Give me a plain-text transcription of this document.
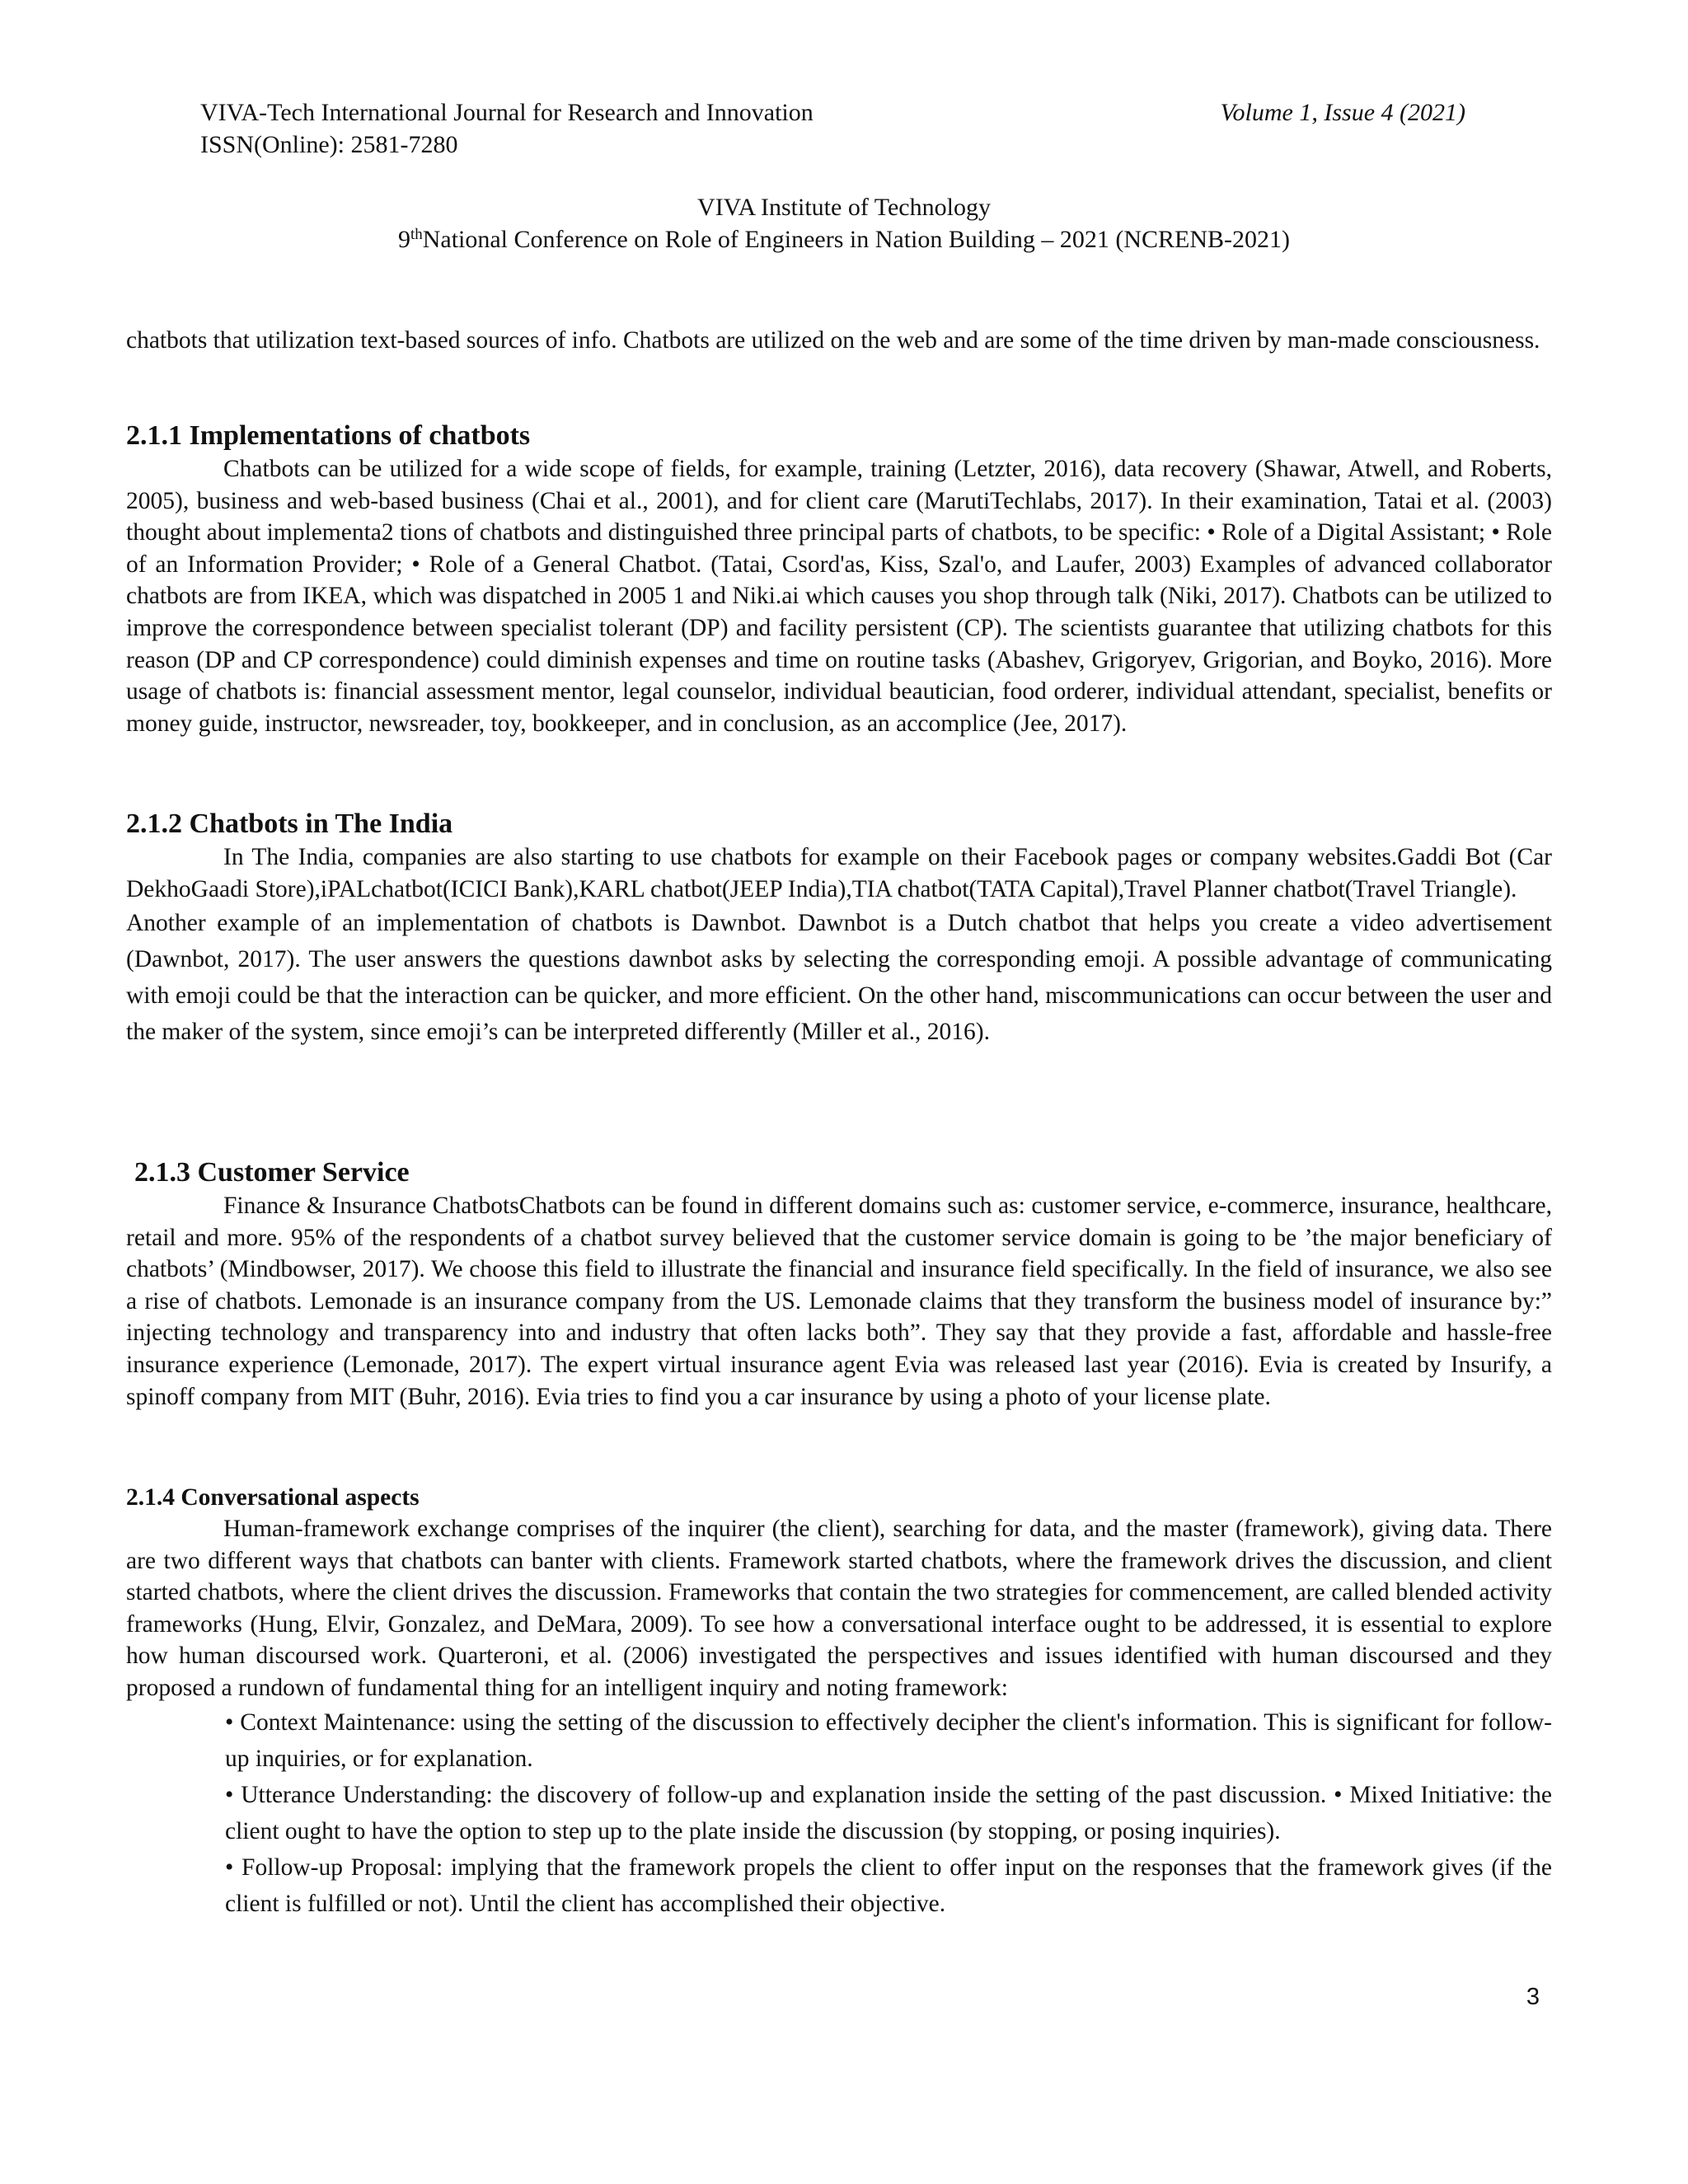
VIVA-Tech International Journal for Research and Innovation	Volume 1, Issue 4 (2021)
ISSN(Online): 2581-7280
VIVA Institute of Technology
9thNational Conference on Role of Engineers in Nation Building – 2021 (NCRENB-2021)

chatbots that utilization text-based sources of info. Chatbots are utilized on the web and are some of the time driven by man-made consciousness.

2.1.1 Implementations of chatbots

Chatbots can be utilized for a wide scope of fields, for example, training (Letzter, 2016), data recovery (Shawar, Atwell, and Roberts, 2005), business and web-based business (Chai et al., 2001), and for client care (MarutiTechlabs, 2017). In their examination, Tatai et al. (2003) thought about implementa2 tions of chatbots and distinguished three principal parts of chatbots, to be specific: • Role of a Digital Assistant; • Role of an Information Provider; • Role of a General Chatbot. (Tatai, Csord'as, Kiss, Szal'o, and Laufer, 2003) Examples of advanced collaborator chatbots are from IKEA, which was dispatched in 2005 1 and Niki.ai which causes you shop through talk (Niki, 2017). Chatbots can be utilized to improve the correspondence between specialist tolerant (DP) and facility persistent (CP). The scientists guarantee that utilizing chatbots for this reason (DP and CP correspondence) could diminish expenses and time on routine tasks (Abashev, Grigoryev, Grigorian, and Boyko, 2016). More usage of chatbots is: financial assessment mentor, legal counselor, individual beautician, food orderer, individual attendant, specialist, benefits or money guide, instructor, newsreader, toy, bookkeeper, and in conclusion, as an accomplice (Jee, 2017).

2.1.2 Chatbots in The India

In The India, companies are also starting to use chatbots for example on their Facebook pages or company websites.Gaddi Bot (Car DekhoGaadi Store),iPALchatbot(ICICI Bank),KARL chatbot(JEEP India),TIA chatbot(TATA Capital),Travel Planner chatbot(Travel Triangle).

Another example of an implementation of chatbots is Dawnbot. Dawnbot is a Dutch chatbot that helps you create a video advertisement (Dawnbot, 2017). The user answers the questions dawnbot asks by selecting the corresponding emoji. A possible advantage of communicating with emoji could be that the interaction can be quicker, and more efficient. On the other hand, miscommunications can occur between the user and the maker of the system, since emoji’s can be interpreted differently (Miller et al., 2016).

2.1.3 Customer Service

Finance & Insurance ChatbotsChatbots can be found in different domains such as: customer service, e-commerce, insurance, healthcare, retail and more. 95% of the respondents of a chatbot survey believed that the customer service domain is going to be ’the major beneficiary of chatbots’ (Mindbowser, 2017). We choose this field to illustrate the financial and insurance field specifically. In the field of insurance, we also see a rise of chatbots. Lemonade is an insurance company from the US. Lemonade claims that they transform the business model of insurance by:” injecting technology and transparency into and industry that often lacks both”. They say that they provide a fast, affordable and hassle-free insurance experience (Lemonade, 2017). The expert virtual insurance agent Evia was released last year (2016). Evia is created by Insurify, a spinoff company from MIT (Buhr, 2016). Evia tries to find you a car insurance by using a photo of your license plate.

2.1.4 Conversational aspects

Human-framework exchange comprises of the inquirer (the client), searching for data, and the master (framework), giving data. There are two different ways that chatbots can banter with clients. Framework started chatbots, where the framework drives the discussion, and client started chatbots, where the client drives the discussion. Frameworks that contain the two strategies for commencement, are called blended activity frameworks (Hung, Elvir, Gonzalez, and DeMara, 2009). To see how a conversational interface ought to be addressed, it is essential to explore how human discoursed work. Quarteroni, et al. (2006) investigated the perspectives and issues identified with human discoursed and they proposed a rundown of fundamental thing for an intelligent inquiry and noting framework:

• Context Maintenance: using the setting of the discussion to effectively decipher the client's information. This is significant for follow-up inquiries, or for explanation.

• Utterance Understanding: the discovery of follow-up and explanation inside the setting of the past discussion. • Mixed Initiative: the client ought to have the option to step up to the plate inside the discussion (by stopping, or posing inquiries).

• Follow-up Proposal: implying that the framework propels the client to offer input on the responses that the framework gives (if the client is fulfilled or not). Until the client has accomplished their objective.

3
